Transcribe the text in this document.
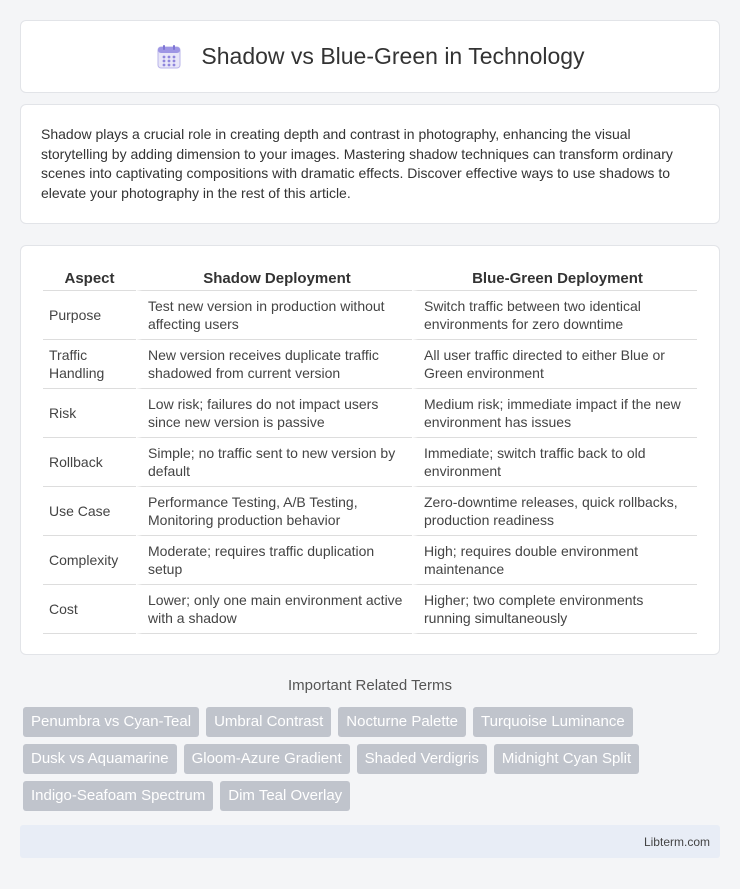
Shadow vs Blue-Green in Technology

Shadow plays a crucial role in creating depth and contrast in photography, enhancing the visual storytelling by adding dimension to your images. Mastering shadow techniques can transform ordinary scenes into captivating compositions with dramatic effects. Discover effective ways to use shadows to elevate your photography in the rest of this article.

Aspect	Shadow Deployment	Blue-Green Deployment
Purpose	Test new version in production without affecting users	Switch traffic between two identical environments for zero downtime
Traffic Handling	New version receives duplicate traffic shadowed from current version	All user traffic directed to either Blue or Green environment
Risk	Low risk; failures do not impact users since new version is passive	Medium risk; immediate impact if the new environment has issues
Rollback	Simple; no traffic sent to new version by default	Immediate; switch traffic back to old environment
Use Case	Performance Testing, A/B Testing, Monitoring production behavior	Zero-downtime releases, quick rollbacks, production readiness
Complexity	Moderate; requires traffic duplication setup	High; requires double environment maintenance
Cost	Lower; only one main environment active with a shadow	Higher; two complete environments running simultaneously
Important Related Terms
Penumbra vs Cyan-Teal	Umbral Contrast	Nocturne Palette	Turquoise Luminance
Dusk vs Aquamarine	Gloom-Azure Gradient	Shaded Verdigris	Midnight Cyan Split
Indigo-Seafoam Spectrum	Dim Teal Overlay
Libterm.com
